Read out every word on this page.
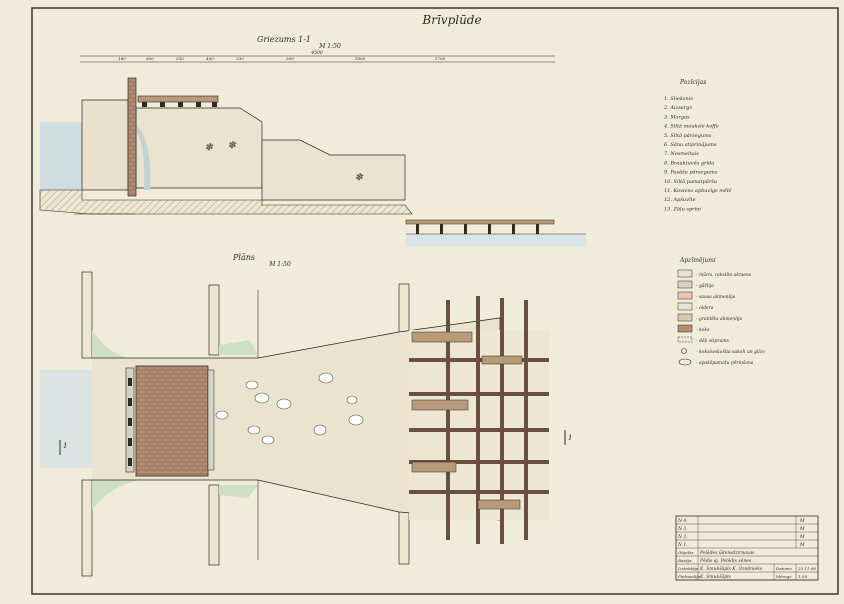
Brīvplūde
Griezums 1-1
M 1:50
4500
180	800	550	400	330	500	1800	1700
✻ ✻
✻
Plāns
M 1:50
1
1
Pozīcijas
1. Slieksnis
2. Aizsargs
3. Margas
4. Siltā mauksle koffe
5. Siltā pārsegums
6. Sānu stiprinājums
7. Nosmeltais
8. Brauktuvēs grīda
9. Pasāžu pārsegums
10. Siltā pamatpāršu
11. Koviens apbuvīgs mēlē
12. Apšuvīte
13. Zāļu sprīņi
Apzīmējumi
- mūris, rakstīts akmens
- gāžlija
- sausa akmeņlija
- oldera
- grantēta akmeņlija
- koks
- dēļi stiprums
- koksiwskoštia sakeli un gilzo
- apakšpamatu pēriņšana
N 4.	M
N 3.	M
N 2.	M
N 1.	M
Objekts Pelēdes ūdensdzirnavas
Rasēja Pēdis aj. Pelēdis sēnes
Izstrādāja K. Smukšāpls K. Ozolinieks	Datums 25.11.08
Pārbaudīja K. Smukšāpls	Mērogs 1:50
